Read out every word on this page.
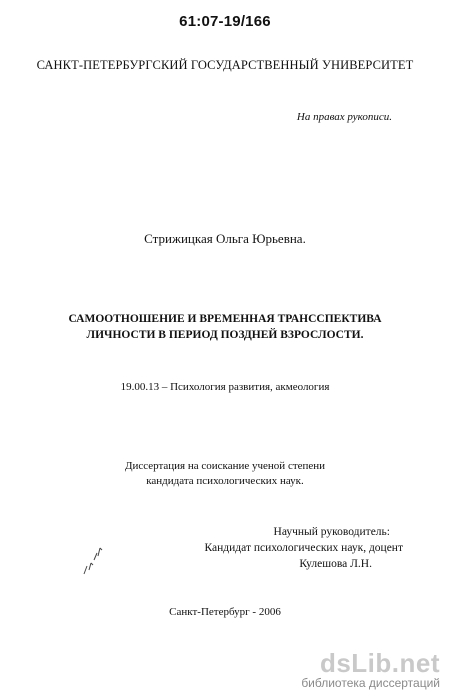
61:07-19/166
САНКТ-ПЕТЕРБУРГСКИЙ ГОСУДАРСТВЕННЫЙ УНИВЕРСИТЕТ
На правах рукописи.
Стрижицкая Ольга Юрьевна.
САМООТНОШЕНИЕ И ВРЕМЕННАЯ ТРАНССПЕКТИВА
ЛИЧНОСТИ В ПЕРИОД ПОЗДНЕЙ ВЗРОСЛОСТИ.
19.00.13 – Психология развития, акмеология
Диссертация на соискание ученой степени
кандидата психологических наук.
Научный руководитель:
Кандидат психологических наук, доцент
Кулешова Л.Н.
Санкт-Петербург - 2006
dsLib.net
библиотека диссертаций
